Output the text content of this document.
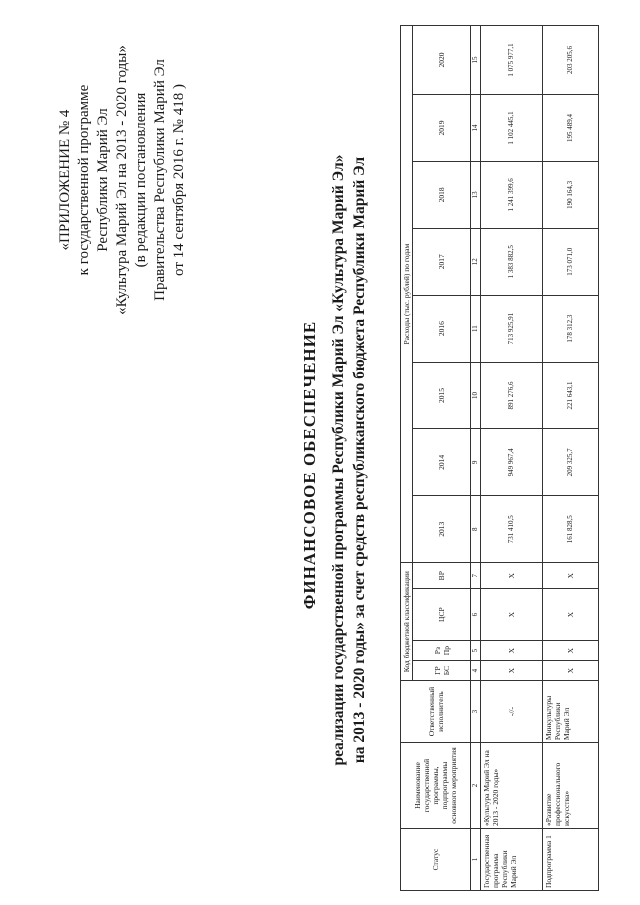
«ПРИЛОЖЕНИЕ № 4 к государственной программе Республики Марий Эл «Культура Марий Эл на 2013 - 2020 годы» (в редакции постановления Правительства Республики Марий Эл от 14 сентября 2016 г. № 418 )
ФИНАНСОВОЕ ОБЕСПЕЧЕНИЕ реализации государственной программы Республики Марий Эл «Культура Марий Эл» на 2013 - 2020 годы» за счет средств республиканского бюджета Республики Марий Эл
Статус	Наименование государственной программы, подпрограммы основного мероприятия	Ответственный исполнитель	Код бюджетной классификации				Расходы (тыс. рублей) по годам							
			ГР БС	Рз Пр	ЦСР	ВР	2013	2014	2015	2016	2017	2018	2019	2020
1	2	3	4	5	6	7	8	9	10	11	12	13	14	15
Государственная программа Республики Марий Эл	«Культура Марий Эл на 2013 - 2020 годы»	-//-	X	X	X	X	731 410,5	949 967,4	891 276,6	713 925,91	1 383 882,5	1 241 399,6	1 102 445,1	1 075 977,1
Подпрограмма 1	«Развитие профессионального искусства»	Минкультуры Республики Марий Эл	X	X	X	X	161 828,5	209 325,7	221 643,1	178 312,3	173 071,0	190 164,3	195 489,4	203 205,6
